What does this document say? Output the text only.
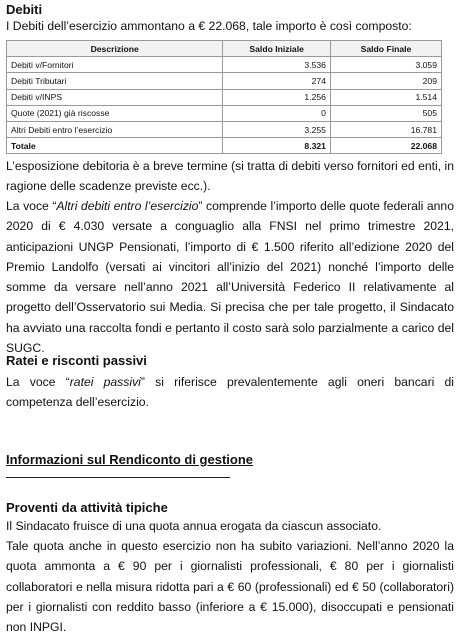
Debiti
I Debiti dell’esercizio ammontano a € 22.068, tale importo è così composto:
Descrizione	Saldo Iniziale	Saldo Finale
Debiti v/Fornitori	3.536	3.059
Debiti Tributari	274	209
Debiti v/INPS	1.256	1.514
Quote (2021) già riscosse	0	505
Altri Debiti entro l’esercizio	3.255	16.781
Totale	8.321	22.068
L’esposizione debitoria è a breve termine (si tratta di debiti verso fornitori ed enti, in ragione delle scadenze previste ecc.).
La voce “Altri debiti entro l’esercizio” comprende l’importo delle quote federali anno 2020 di € 4.030 versate a conguaglio alla FNSI nel primo trimestre 2021, anticipazioni UNGP Pensionati, l’importo di € 1.500 riferito all’edizione 2020 del Premio Landolfo (versati ai vincitori all’inizio del 2021) nonché l’importo delle somme da versare nell’anno 2021 all’Università Federico II relativamente al progetto dell’Osservatorio sui Media. Si precisa che per tale progetto, il Sindacato ha avviato una raccolta fondi e pertanto il costo sarà solo parzialmente a carico del SUGC.
Ratei e risconti passivi
La voce “ratei passivi” si riferisce prevalentemente agli oneri bancari di competenza dell’esercizio.
Informazioni sul Rendiconto di gestione
Proventi da attività tipiche
Il Sindacato fruisce di una quota annua erogata da ciascun associato.
Tale quota anche in questo esercizio non ha subito variazioni. Nell’anno 2020 la quota ammonta a € 90 per i giornalisti professionali, € 80 per i giornalisti collaboratori e nella misura ridotta pari a € 60 (professionali) ed € 50 (collaboratori) per i giornalisti con reddito basso (inferiore a € 15.000), disoccupati e pensionati non INPGI.
